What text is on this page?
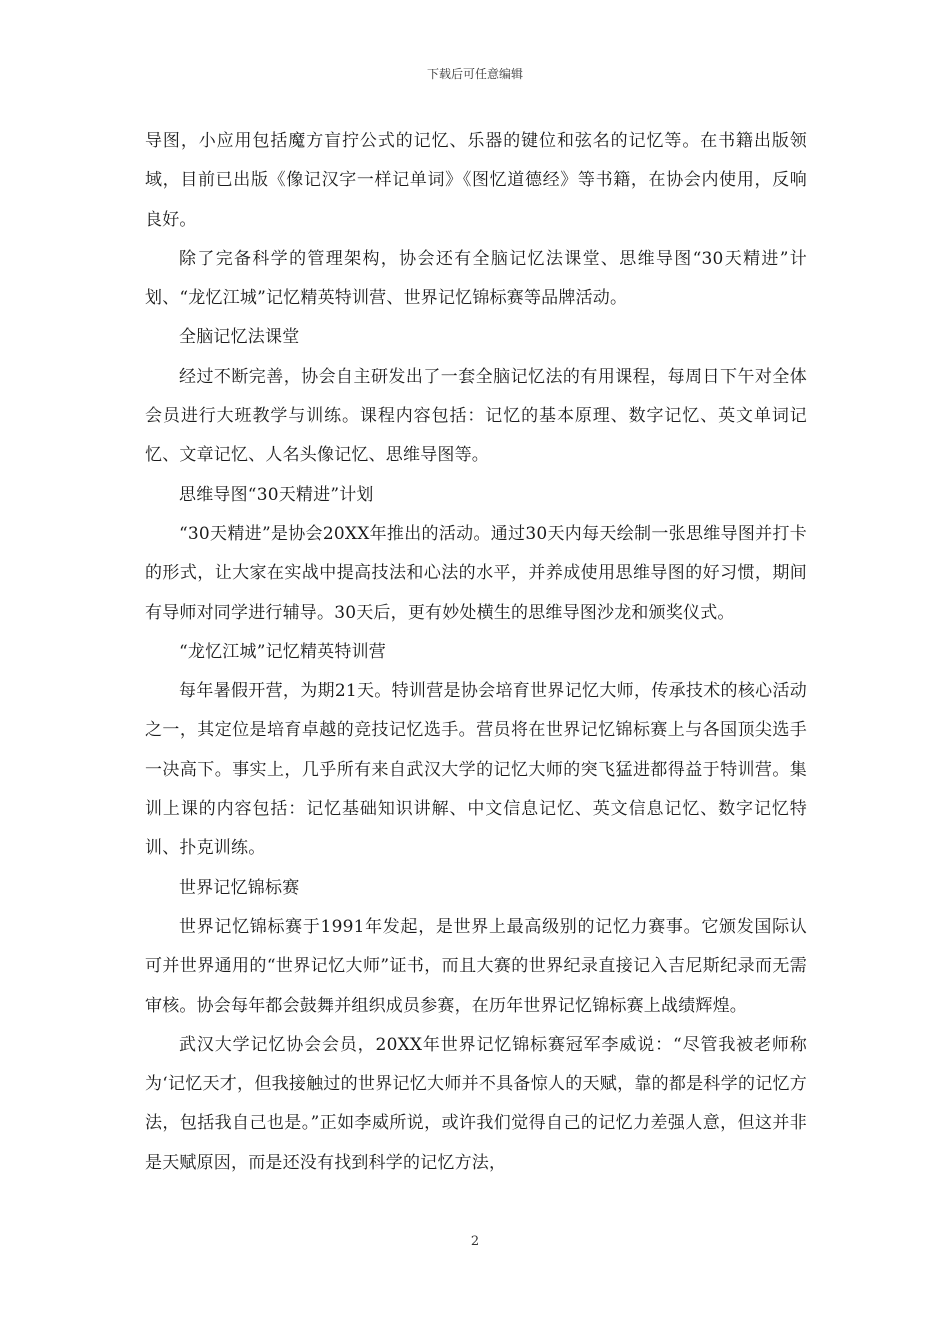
下载后可任意编辑

导图，小应用包括魔方盲拧公式的记忆、乐器的键位和弦名的记忆等。在书籍出版领域，目前已出版《像记汉字一样记单词》《图忆道德经》等书籍，在协会内使用，反响良好。

除了完备科学的管理架构，协会还有全脑记忆法课堂、思维导图“30天精进”计划、“龙忆江城”记忆精英特训营、世界记忆锦标赛等品牌活动。

全脑记忆法课堂

经过不断完善，协会自主研发出了一套全脑记忆法的有用课程，每周日下午对全体会员进行大班教学与训练。课程内容包括：记忆的基本原理、数字记忆、英文单词记忆、文章记忆、人名头像记忆、思维导图等。

思维导图“30天精进”计划

“30天精进”是协会20XX年推出的活动。通过30天内每天绘制一张思维导图并打卡的形式，让大家在实战中提高技法和心法的水平，并养成使用思维导图的好习惯，期间有导师对同学进行辅导。30天后，更有妙处横生的思维导图沙龙和颁奖仪式。

“龙忆江城”记忆精英特训营

每年暑假开营，为期21天。特训营是协会培育世界记忆大师，传承技术的核心活动之一，其定位是培育卓越的竞技记忆选手。营员将在世界记忆锦标赛上与各国顶尖选手一决高下。事实上，几乎所有来自武汉大学的记忆大师的突飞猛进都得益于特训营。集训上课的内容包括：记忆基础知识讲解、中文信息记忆、英文信息记忆、数字记忆特训、扑克训练。

世界记忆锦标赛

世界记忆锦标赛于1991年发起，是世界上最高级别的记忆力赛事。它颁发国际认可并世界通用的“世界记忆大师”证书，而且大赛的世界纪录直接记入吉尼斯纪录而无需审核。协会每年都会鼓舞并组织成员参赛，在历年世界记忆锦标赛上战绩辉煌。

武汉大学记忆协会会员，20XX年世界记忆锦标赛冠军李威说：“尽管我被老师称为‘记忆天才，但我接触过的世界记忆大师并不具备惊人的天赋，靠的都是科学的记忆方法，包括我自己也是。”正如李威所说，或许我们觉得自己的记忆力差强人意，但这并非是天赋原因，而是还没有找到科学的记忆方法，

2
